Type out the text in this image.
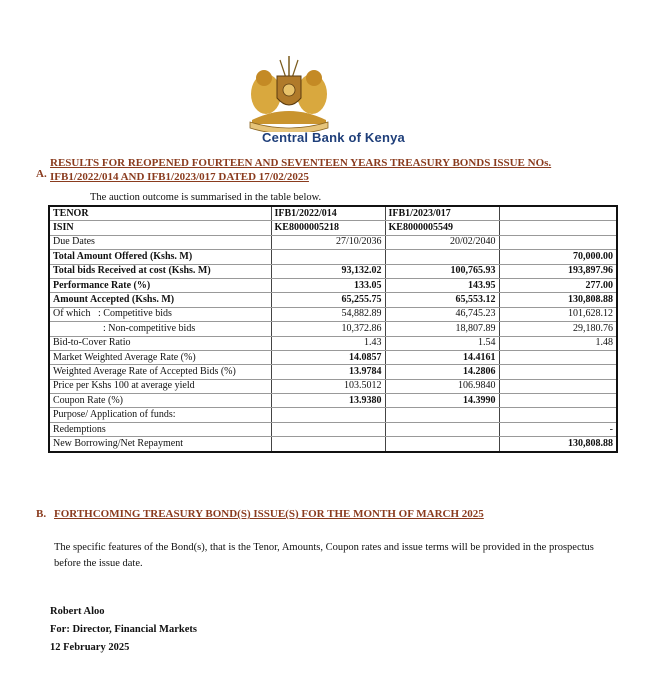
Central Bank of Kenya
A.
RESULTS FOR REOPENED FOURTEEN AND SEVENTEEN YEARS TREASURY BONDS ISSUE NOs.
IFB1/2022/014 AND IFB1/2023/017 DATED 17/02/2025
The auction outcome is summarised in the table below.
TENOR	IFB1/2022/014	IFB1/2023/017	
ISIN	KE8000005218	KE8000005549	
Due Dates	27/10/2036	20/02/2040	
Total Amount Offered (Kshs. M)			70,000.00
Total bids Received at cost (Kshs. M)	93,132.02	100,765.93	193,897.96
Performance Rate (%)	133.05	143.95	277.00
Amount Accepted (Kshs. M)	65,255.75	65,553.12	130,808.88
Of which   : Competitive bids	54,882.89	46,745.23	101,628.12
: Non-competitive bids	10,372.86	18,807.89	29,180.76
Bid-to-Cover Ratio	1.43	1.54	1.48
Market Weighted Average Rate (%)	14.0857	14.4161	
Weighted Average Rate of Accepted Bids (%)	13.9784	14.2806	
Price per Kshs 100 at average yield	103.5012	106.9840	
Coupon Rate (%)	13.9380	14.3990	
Purpose/ Application of funds:			
Redemptions			-
New Borrowing/Net Repayment			130,808.88
B. FORTHCOMING TREASURY BOND(S) ISSUE(S) FOR THE MONTH OF MARCH 2025
The specific features of the Bond(s), that is the Tenor, Amounts, Coupon rates and issue terms will be provided in the prospectus before the issue date.
Robert Aloo
For: Director, Financial Markets
12 February 2025
